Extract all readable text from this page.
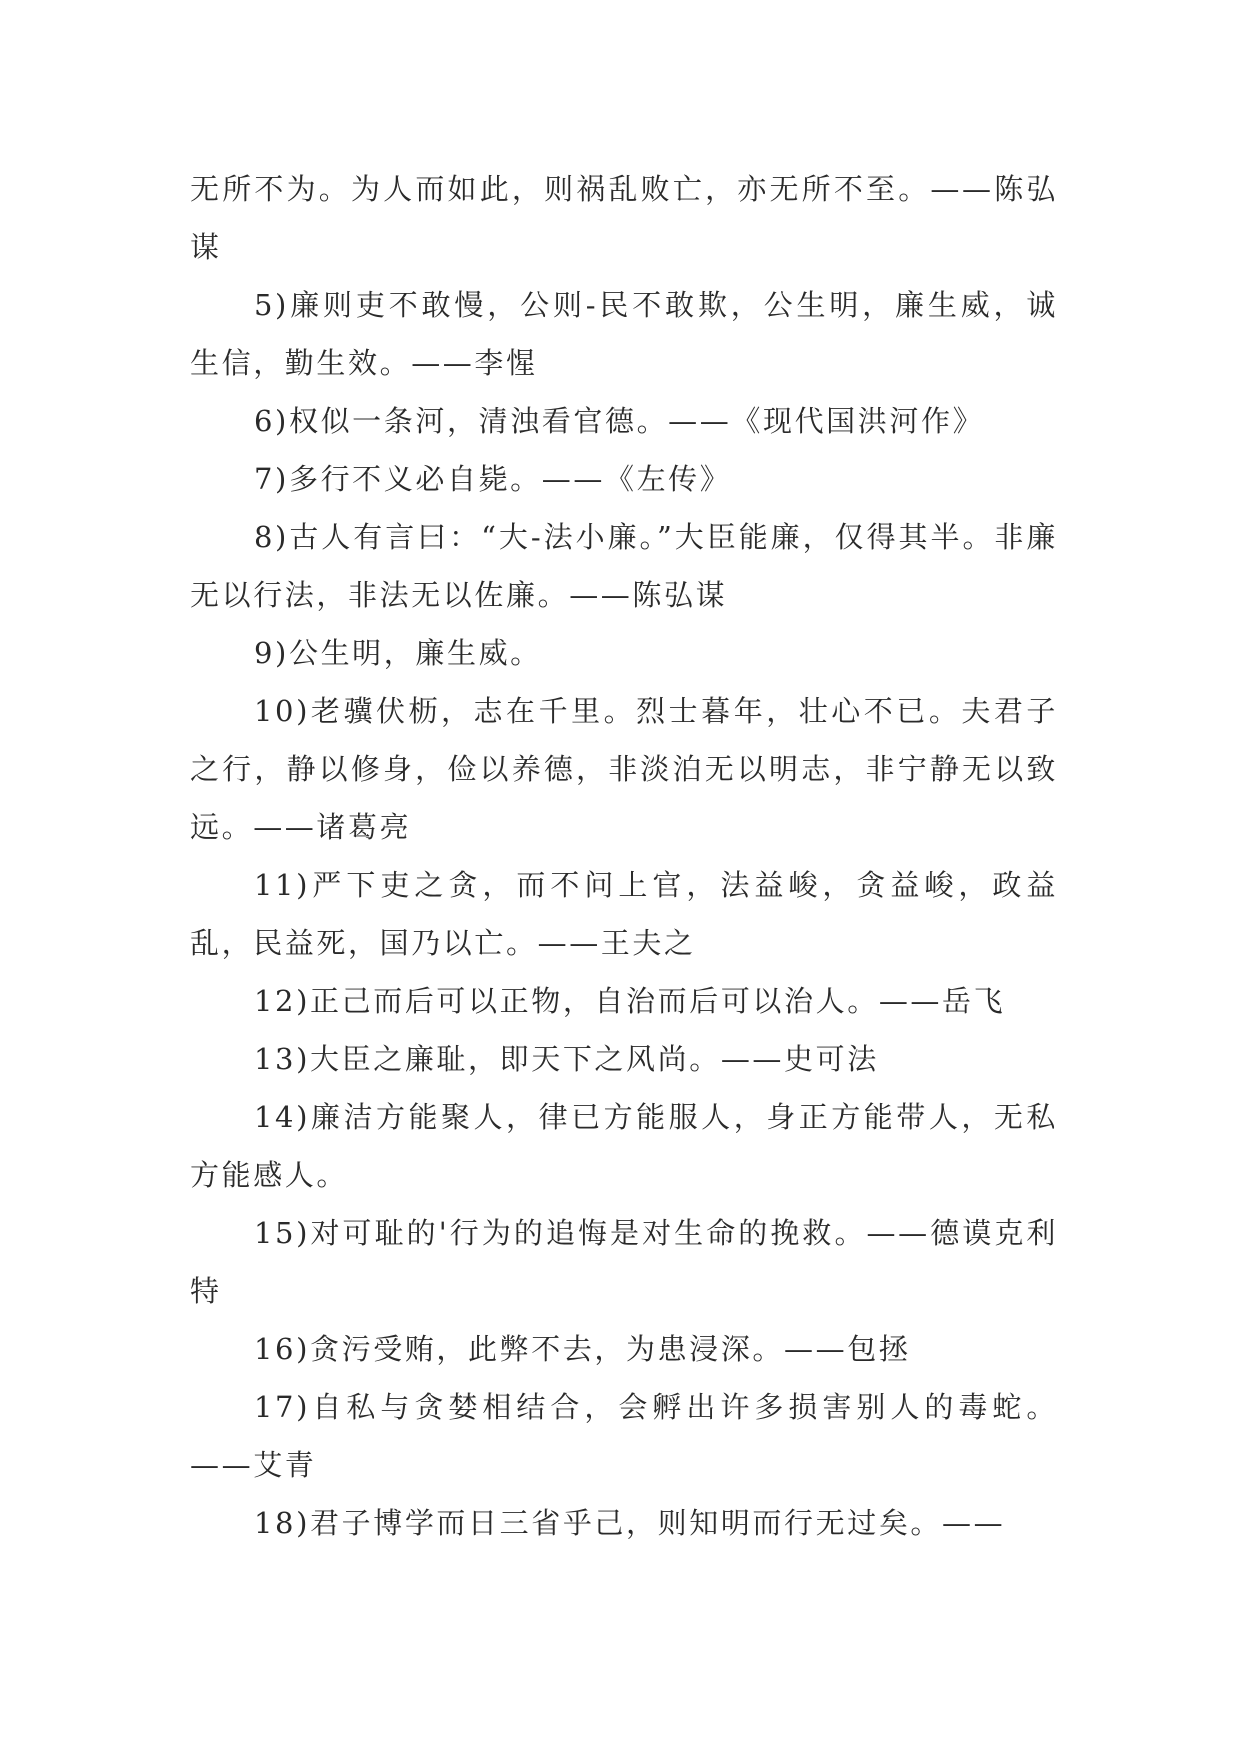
无所不为。为人而如此，则祸乱败亡，亦无所不至。——陈弘谋

5)廉则吏不敢慢，公则-民不敢欺，公生明，廉生威，诚生信，勤生效。——李惺

6)权似一条河，清浊看官德。——《现代国洪河作》

7)多行不义必自毙。——《左传》

8)古人有言曰：“大-法小廉。”大臣能廉，仅得其半。非廉无以行法，非法无以佐廉。——陈弘谋

9)公生明，廉生威。

10)老骥伏枥，志在千里。烈士暮年，壮心不已。夫君子之行，静以修身，俭以养德，非淡泊无以明志，非宁静无以致远。——诸葛亮

11)严下吏之贪，而不问上官，法益峻，贪益峻，政益乱，民益死，国乃以亡。——王夫之

12)正己而后可以正物，自治而后可以治人。——岳飞

13)大臣之廉耻，即天下之风尚。——史可法

14)廉洁方能聚人，律已方能服人，身正方能带人，无私方能感人。

15)对可耻的'行为的追悔是对生命的挽救。——德谟克利特

16)贪污受贿，此弊不去，为患浸深。——包拯

17)自私与贪婪相结合，会孵出许多损害别人的毒蛇。——艾青

18)君子博学而日三省乎己，则知明而行无过矣。——
